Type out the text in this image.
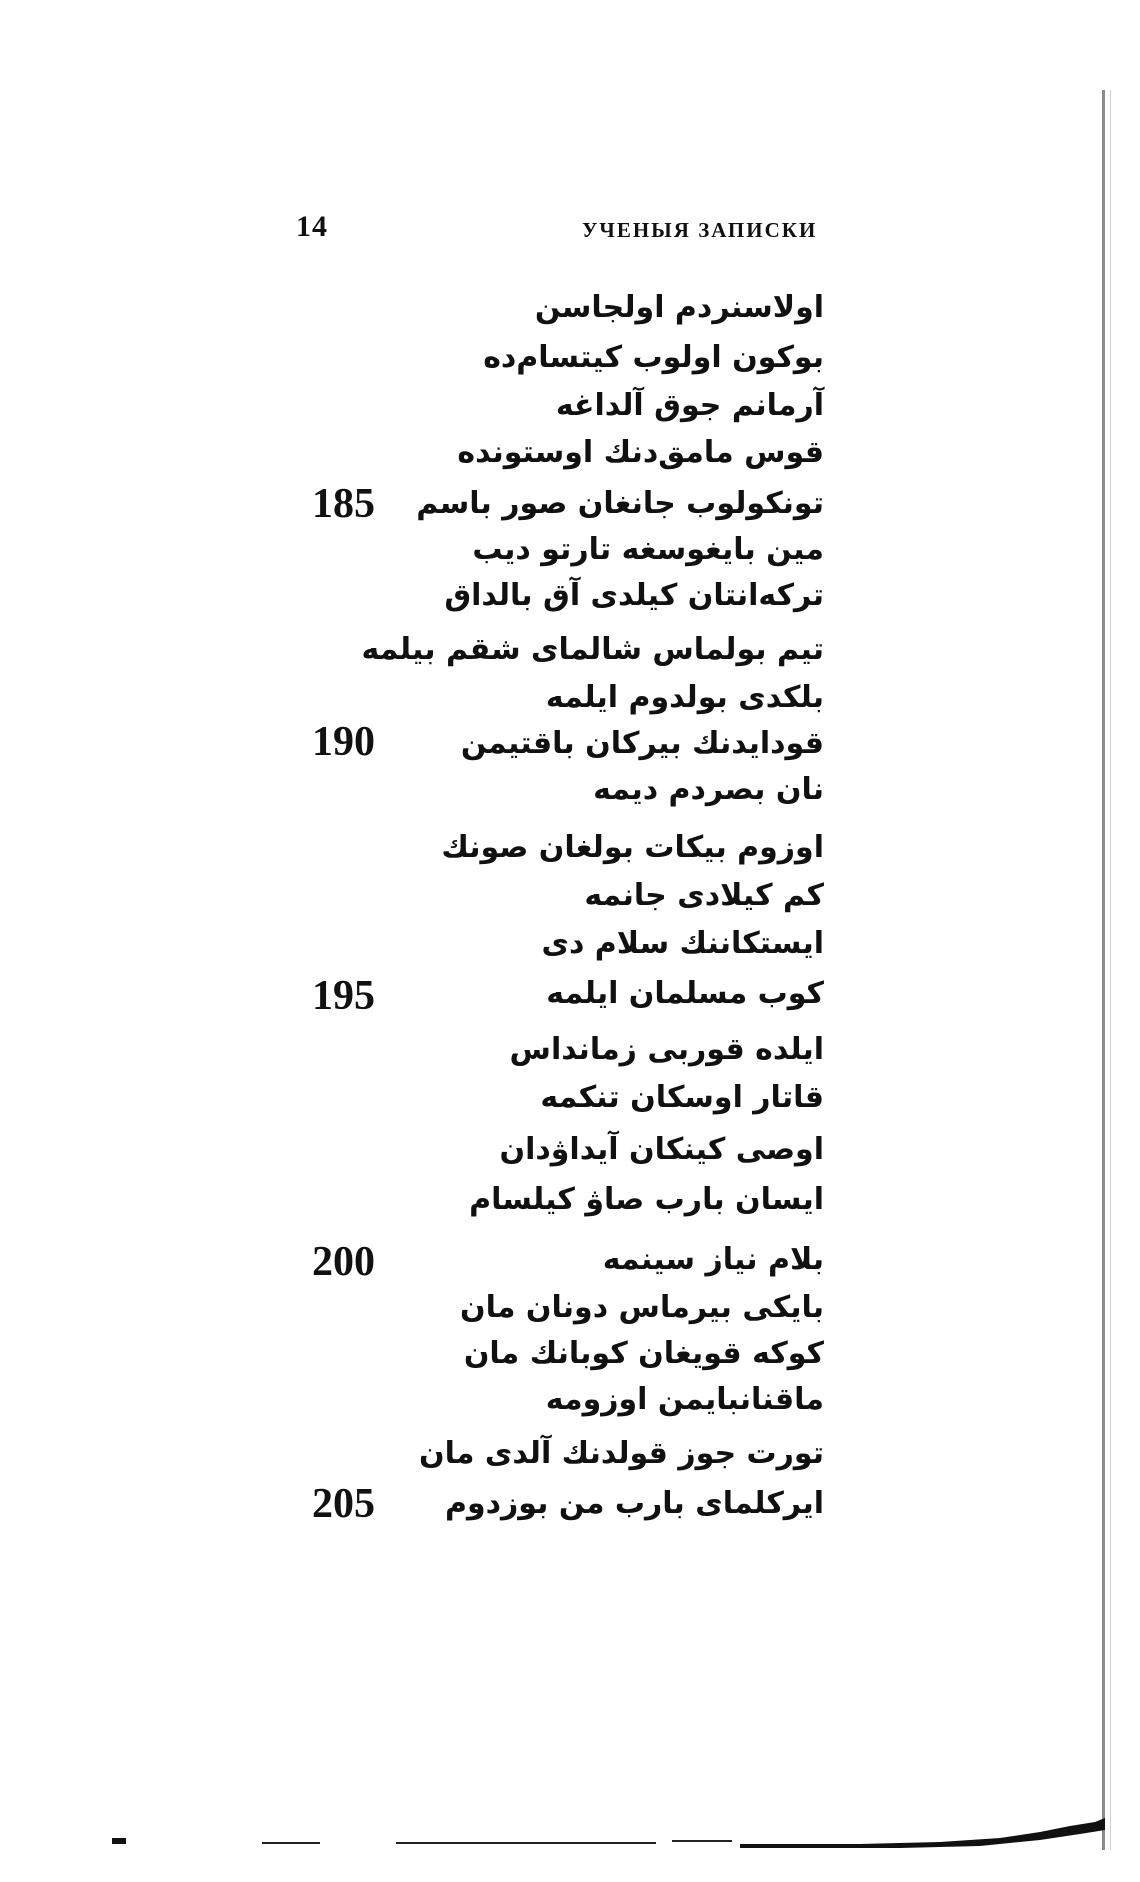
14	УЧЕНЫЯ ЗАПИСКИ
185
190
195
200
205
اولاسنردم اولجاسن
بوكون اولوب كيتسام‌ده
آرمانم جوق آلداغه
قوس مامق‌دنك اوستونده
تونكولوب جانغان صور باسم
مين بايغوسغه تارتو ديب
تركه‌انتان كيلدى آق بالداق
تيم بولماس شالماى شقم بيلمه
بلكدى بولدوم ايلمه
قودايدنك بيركان باقتيمن
نان بصردم ديمه
اوزوم بيكات بولغان صونك
كم كيلادى جانمه
ايستكاننك سلام دى
كوب مسلمان ايلمه
ايلده قوربى زمانداس
قاتار اوسكان تنكمه
اوصى كينكان آيداۋدان
ايسان بارب صاۋ كيلسام
بلام نياز سينمه
بايكى بيرماس دونان مان
كوكه قويغان كوبانك مان
ماقنانبايمن اوزومه
تورت جوز قولدنك آلدى مان
ايركلماى بارب من بوزدوم
